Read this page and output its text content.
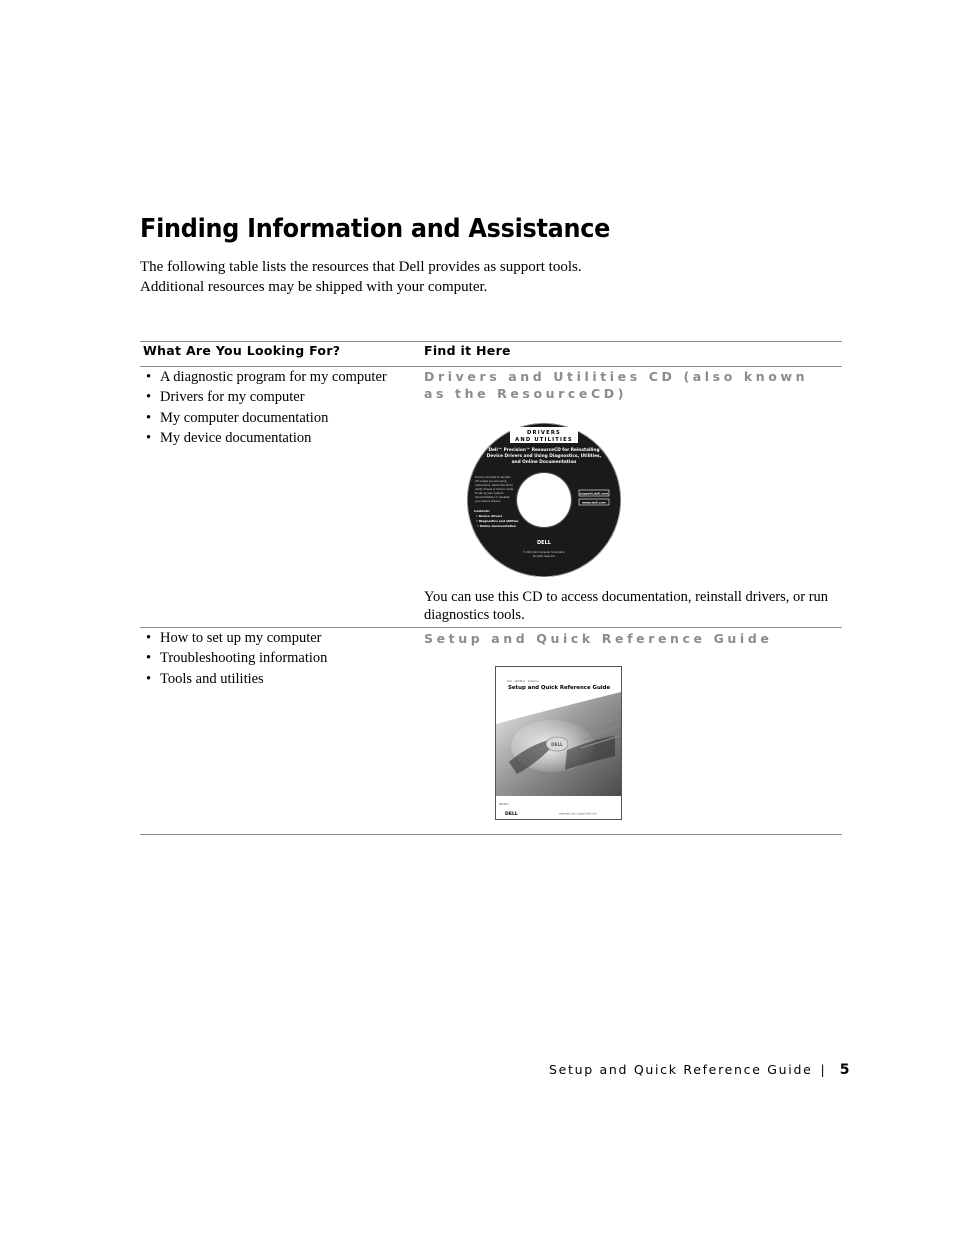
Finding Information and Assistance

The following table lists the resources that Dell provides as support tools.
Additional resources may be shipped with your computer.

What Are You Looking For?	Find it Here
• A diagnostic program for my computer
• Drivers for my computer
• My computer documentation
• My device documentation

Drivers and Utilities CD (also known as the ResourceCD)

DRIVERS
AND UTILITIES
Dell™ Precision™ ResourceCD for Reinstalling
Device Drivers and Using Diagnostics, Utilities,
and Online Documentation
You do not need to use this
CD unless you are using
instructions. Check the CD to
verify drivers or tools in order
to set up your system
documentation or reinstall
your device drivers.
Contents:
• Device drivers
• Diagnostics and utilities
• Online documentation
support.dell.com
www.dell.com
DELL
© 2001 Dell Computer Corporation
All rights reserved.

You can use this CD to access documentation, reinstall drivers, or run diagnostics tools.

• How to set up my computer
• Troubleshooting information
• Tools and utilities

Setup and Quick Reference Guide

Dell · OptiPlex · Systems
Setup and Quick Reference Guide
DELL
9R0401
DELL	www.dell.com | support.dell.com
Setup and Quick Reference Guide | 5
